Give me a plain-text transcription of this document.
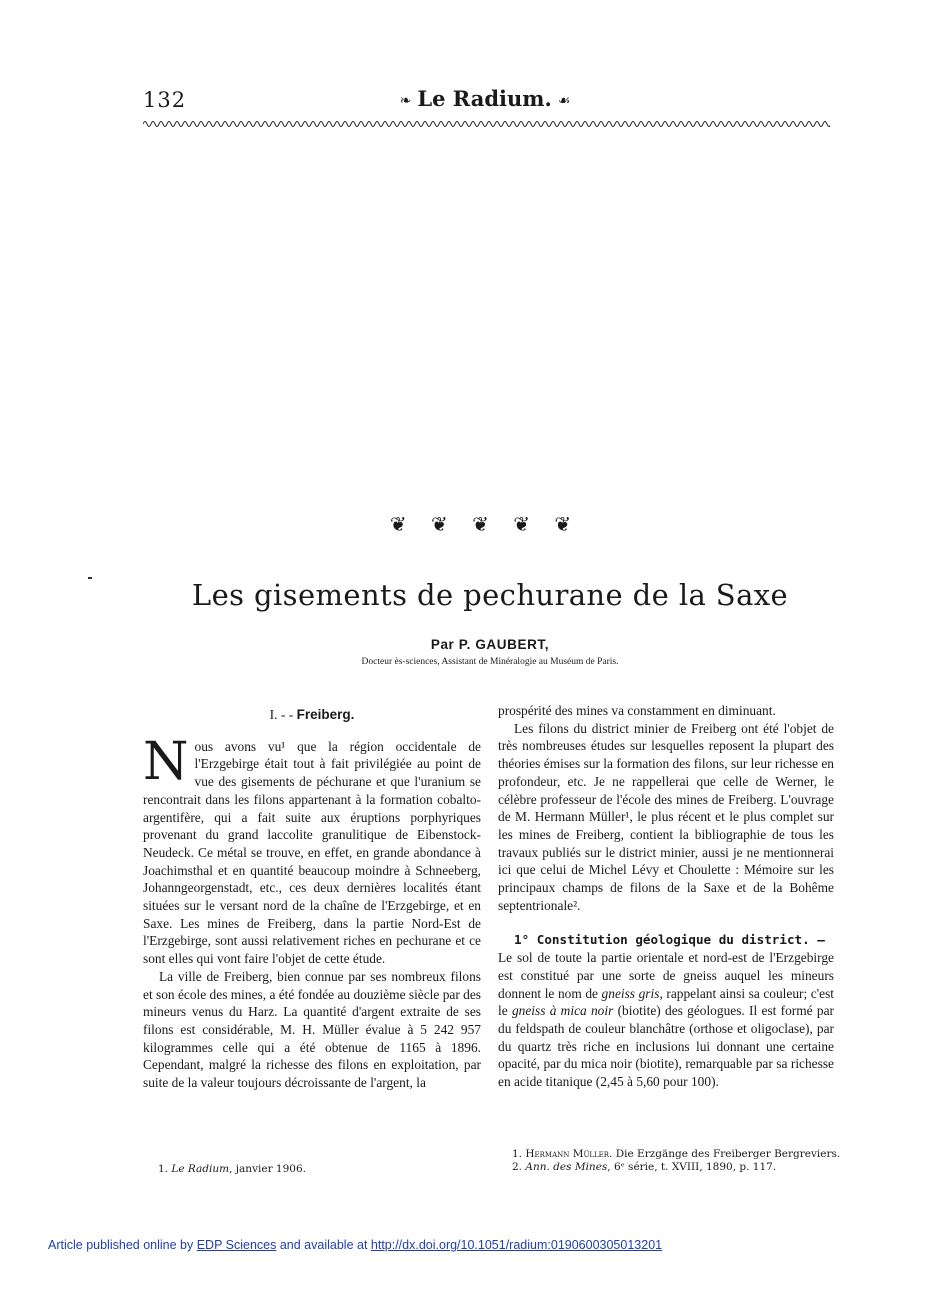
132	❧ Le Radium. ☙
❦ ❦ ❦ ❦ ❦
Les gisements de pechurane de la Saxe
Par P. GAUBERT,
Docteur ès-sciences, Assistant de Minéralogie au Muséum de Paris.
I. - - Freiberg.

Nous avons vu¹ que la région occidentale de l'Erzgebirge était tout à fait privilégiée au point de vue des gisements de péchurane et que l'uranium se rencontrait dans les filons appartenant à la formation cobalto-argentifère, qui a fait suite aux éruptions porphyriques provenant du grand laccolite granulitique de Eibenstock-Neudeck. Ce métal se trouve, en effet, en grande abondance à Joachimsthal et en quantité beaucoup moindre à Schneeberg, Johanngeorgenstadt, etc., ces deux dernières localités étant situées sur le versant nord de la chaîne de l'Erzgebirge, et en Saxe. Les mines de Freiberg, dans la partie Nord-Est de l'Erzgebirge, sont aussi relativement riches en pechurane et ce sont elles qui vont faire l'objet de cette étude.

La ville de Freiberg, bien connue par ses nombreux filons et son école des mines, a été fondée au douzième siècle par des mineurs venus du Harz. La quantité d'argent extraite de ses filons est considérable, M. H. Müller évalue à 5 242 957 kilogrammes celle qui a été obtenue de 1165 à 1896. Cependant, malgré la richesse des filons en exploitation, par suite de la valeur toujours décroissante de l'argent, la

1. Le Radium, janvier 1906.

prospérité des mines va constamment en diminuant.

Les filons du district minier de Freiberg ont été l'objet de très nombreuses études sur lesquelles reposent la plupart des théories émises sur la formation des filons, sur leur richesse en profondeur, etc. Je ne rappellerai que celle de Werner, le célèbre professeur de l'école des mines de Freiberg. L'ouvrage de M. Hermann Müller¹, le plus récent et le plus complet sur les mines de Freiberg, contient la bibliographie de tous les travaux publiés sur le district minier, aussi je ne mentionnerai ici que celui de Michel Lévy et Choulette : Mémoire sur les principaux champs de filons de la Saxe et de la Bohême septentrionale².

1° Constitution géologique du district. —

Le sol de toute la partie orientale et nord-est de l'Erzgebirge est constitué par une sorte de gneiss auquel les mineurs donnent le nom de gneiss gris, rappelant ainsi sa couleur; c'est le gneiss à mica noir (biotite) des géologues. Il est formé par du feldspath de couleur blanchâtre (orthose et oligoclase), par du quartz très riche en inclusions lui donnant une certaine opacité, par du mica noir (biotite), remarquable par sa richesse en acide titanique (2,45 à 5,60 pour 100).

1. Hermann Müller. Die Erzgänge des Freiberger Bergreviers.
2. Ann. des Mines, 6ᵉ série, t. XVIII, 1890, p. 117.
Article published online by EDP Sciences and available at http://dx.doi.org/10.1051/radium:0190600305013201
